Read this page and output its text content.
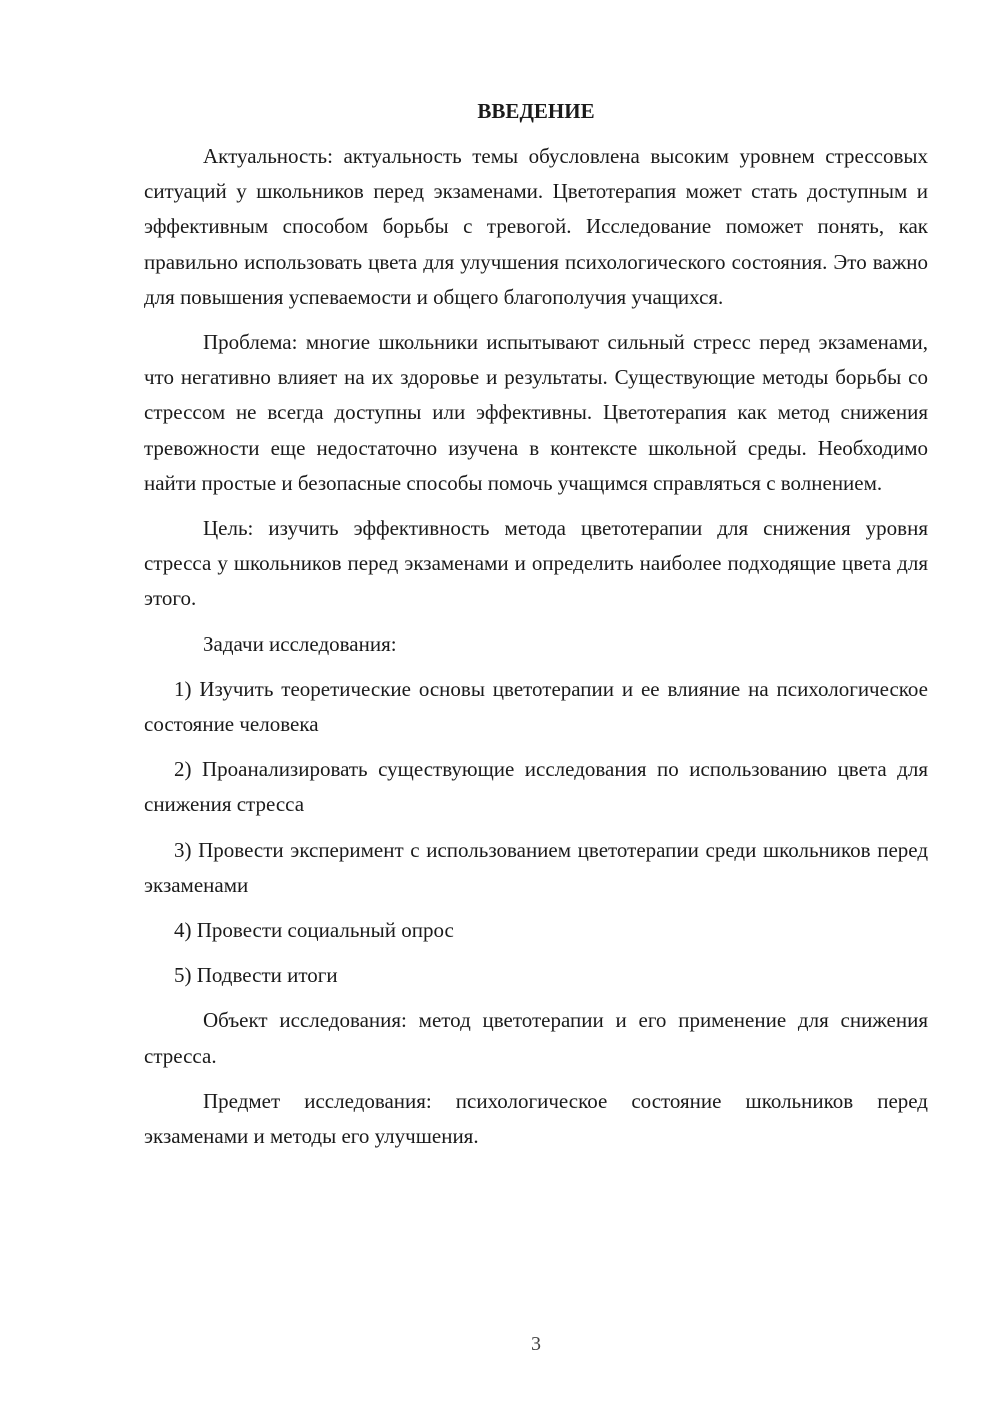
ВВЕДЕНИЕ

Актуальность: актуальность темы обусловлена высоким уровнем стрессовых ситуаций у школьников перед экзаменами. Цветотерапия может стать доступным и эффективным способом борьбы с тревогой. Исследование поможет понять, как правильно использовать цвета для улучшения психологического состояния. Это важно для повышения успеваемости и общего благополучия учащихся.

Проблема: многие школьники испытывают сильный стресс перед экзаменами, что негативно влияет на их здоровье и результаты. Существующие методы борьбы со стрессом не всегда доступны или эффективны. Цветотерапия как метод снижения тревожности еще недостаточно изучена в контексте школьной среды. Необходимо найти простые и безопасные способы помочь учащимся справляться с волнением.

Цель: изучить эффективность метода цветотерапии для снижения уровня стресса у школьников перед экзаменами и определить наиболее подходящие цвета для этого.

Задачи исследования:

1) Изучить теоретические основы цветотерапии и ее влияние на психологическое состояние человека

2) Проанализировать существующие исследования по использованию цвета для снижения стресса

3) Провести эксперимент с использованием цветотерапии среди школьников перед экзаменами

4) Провести социальный опрос

5) Подвести итоги

Объект исследования: метод цветотерапии и его применение для снижения стресса.

Предмет исследования: психологическое состояние школьников перед экзаменами и методы его улучшения.

3
